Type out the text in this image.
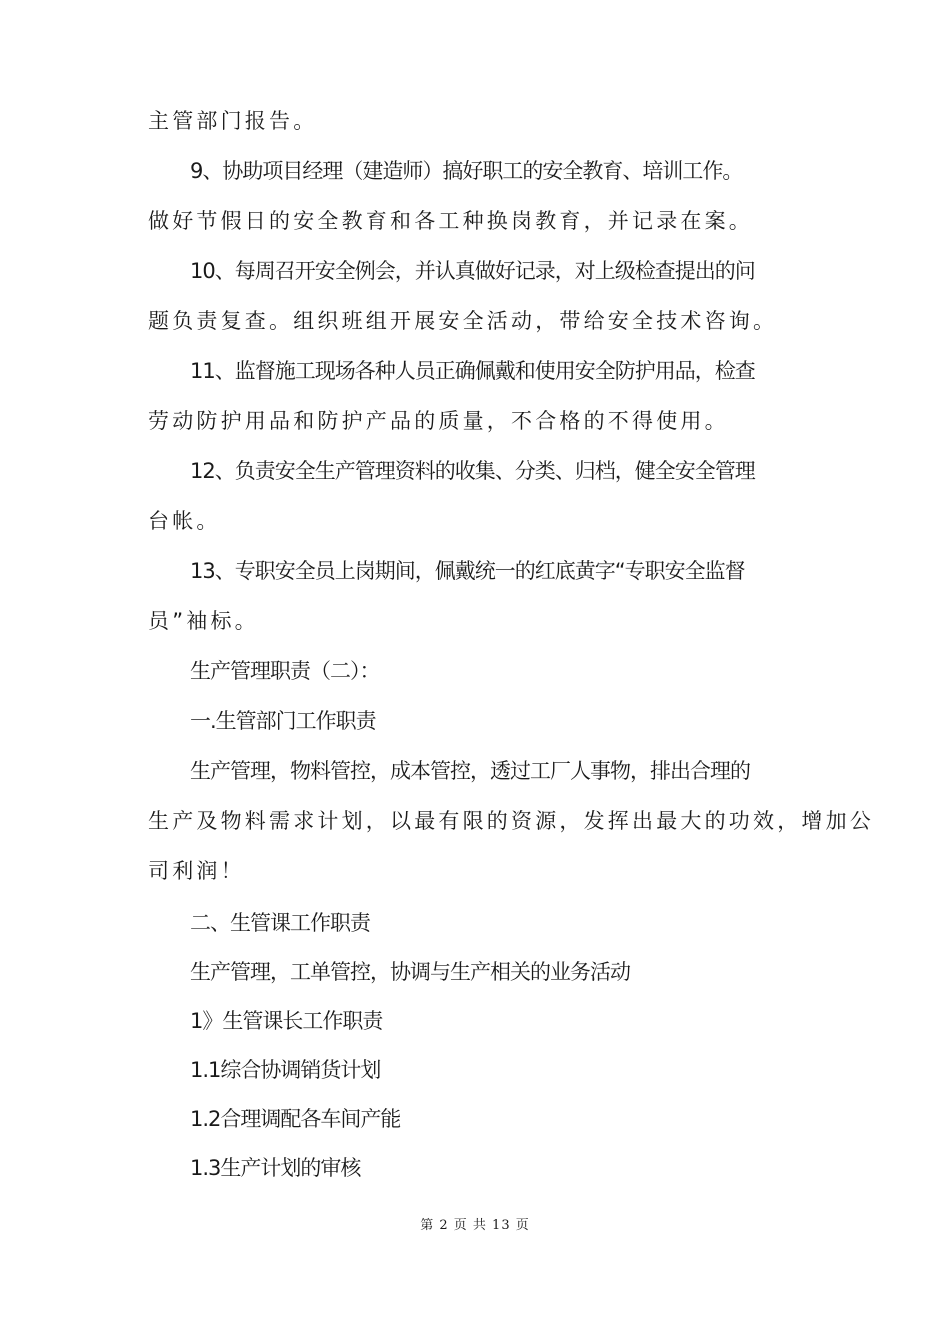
主管部门报告。
9、协助项目经理（建造师）搞好职工的安全教育、培训工作。
做好节假日的安全教育和各工种换岗教育，并记录在案。
10、每周召开安全例会，并认真做好记录，对上级检查提出的问
题负责复查。组织班组开展安全活动，带给安全技术咨询。
11、监督施工现场各种人员正确佩戴和使用安全防护用品，检查
劳动防护用品和防护产品的质量，不合格的不得使用。
12、负责安全生产管理资料的收集、分类、归档，健全安全管理
台帐。
13、专职安全员上岗期间，佩戴统一的红底黄字“专职安全监督
员”袖标。
生产管理职责（二）：
一.生管部门工作职责
生产管理，物料管控，成本管控，透过工厂人事物，排出合理的
生产及物料需求计划，以最有限的资源，发挥出最大的功效，增加公
司利润！
二、生管课工作职责
生产管理，工单管控，协调与生产相关的业务活动
1》生管课长工作职责
1.1综合协调销货计划
1.2合理调配各车间产能
1.3生产计划的审核
第 2 页 共 13 页
